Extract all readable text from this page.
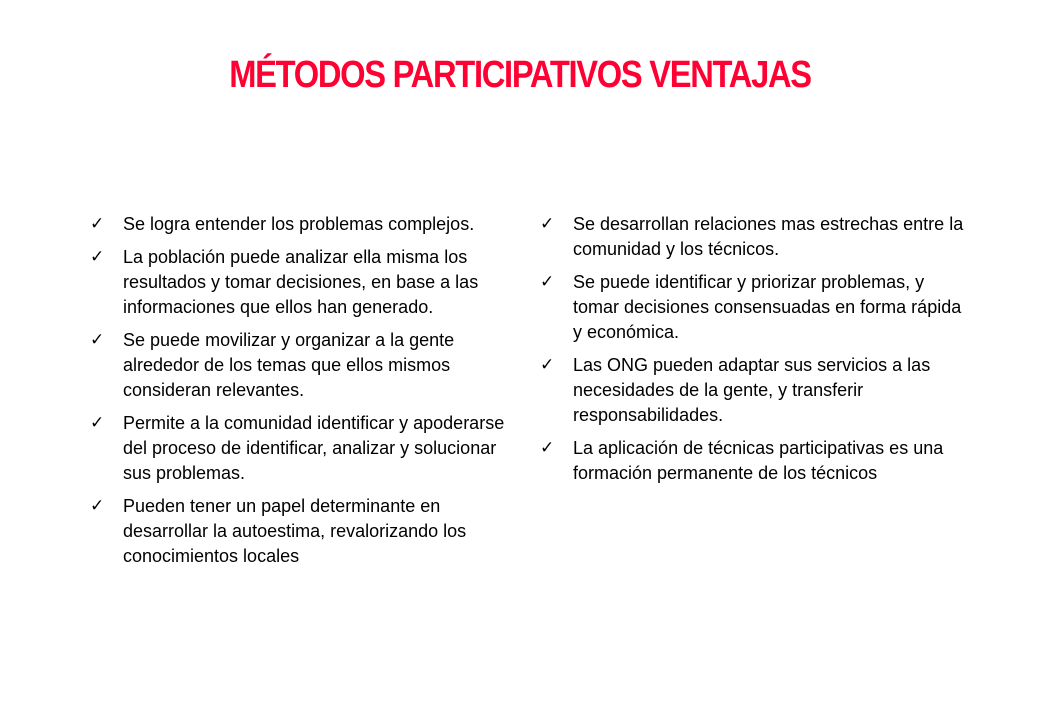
MÉTODOS PARTICIPATIVOS VENTAJAS
✓ Se logra entender los problemas complejos.
✓ La población puede analizar ella misma los resultados y tomar decisiones, en base a las informaciones que ellos han generado.
✓ Se puede movilizar y organizar a la gente alrededor de los temas que ellos mismos consideran relevantes.
✓ Permite a la comunidad identificar y apoderarse del proceso de identificar, analizar y solucionar sus problemas.
✓ Pueden tener un papel determinante en desarrollar la autoestima, revalorizando los conocimientos locales
✓ Se desarrollan relaciones mas estrechas entre la comunidad y los técnicos.
✓ Se puede identificar y priorizar problemas, y tomar decisiones consensuadas en forma rápida y económica.
✓ Las ONG pueden adaptar sus servicios a las necesidades de la gente, y transferir responsabilidades.
✓ La aplicación de técnicas participativas es una formación permanente de los técnicos
